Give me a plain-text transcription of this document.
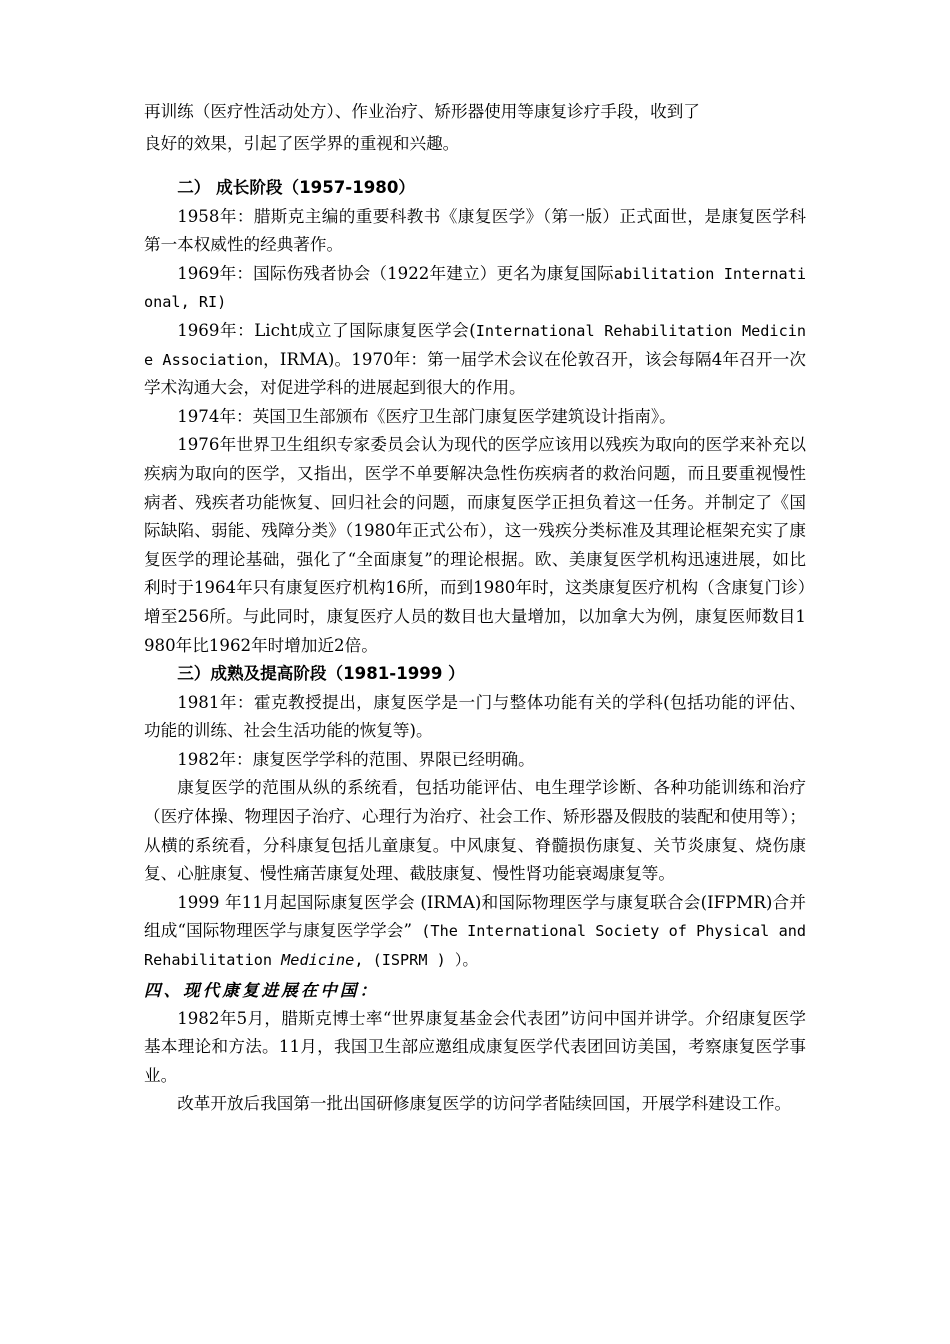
再训练（医疗性活动处方）、作业治疗、矫形器使用等康复诊疗手段，收到了
良好的效果，引起了医学界的重视和兴趣。

二） 成长阶段（1957-1980）

1958年：腊斯克主编的重要科教书《康复医学》（第一版）正式面世，是康复医学科第一本权威性的经典著作。

1969年：国际伤残者协会（1922年建立）更名为康复国际abilitation International, RI)

1969年：Licht成立了国际康复医学会(International Rehabilitation Medicine Association，IRMA)。1970年：第一届学术会议在伦敦召开，该会每隔4年召开一次学术沟通大会，对促进学科的进展起到很大的作用。

1974年：英国卫生部颁布《医疗卫生部门康复医学建筑设计指南》。

1976年世界卫生组织专家委员会认为现代的医学应该用以残疾为取向的医学来补充以疾病为取向的医学，又指出，医学不单要解决急性伤疾病者的救治问题，而且要重视慢性病者、残疾者功能恢复、回归社会的问题，而康复医学正担负着这一任务。并制定了《国际缺陷、弱能、残障分类》（1980年正式公布），这一残疾分类标准及其理论框架充实了康复医学的理论基础，强化了“全面康复”的理论根据。欧、美康复医学机构迅速进展，如比利时于1964年只有康复医疗机构16所，而到1980年时，这类康复医疗机构（含康复门诊）增至256所。与此同时，康复医疗人员的数目也大量增加，以加拿大为例，康复医师数目1980年比1962年时增加近2倍。

三）成熟及提高阶段（1981-1999 ）

1981年：霍克教授提出，康复医学是一门与整体功能有关的学科(包括功能的评估、功能的训练、社会生活功能的恢复等)。

1982年：康复医学学科的范围、界限已经明确。

康复医学的范围从纵的系统看，包括功能评估、电生理学诊断、各种功能训练和治疗（医疗体操、物理因子治疗、心理行为治疗、社会工作、矫形器及假肢的装配和使用等）；从横的系统看，分科康复包括儿童康复。中风康复、脊髓损伤康复、关节炎康复、烧伤康复、心脏康复、慢性痛苦康复处理、截肢康复、慢性肾功能衰竭康复等。

1999 年11月起国际康复医学会 (IRMA)和国际物理医学与康复联合会(IFPMR)合并组成“国际物理医学与康复医学学会” (The International Society of Physical and Rehabilitation Medicine, (ISPRM ) ）。

四、现代康复进展在中国：

1982年5月，腊斯克博士率“世界康复基金会代表团”访问中国并讲学。介绍康复医学基本理论和方法。11月，我国卫生部应邀组成康复医学代表团回访美国，考察康复医学事业。

改革开放后我国第一批出国研修康复医学的访问学者陆续回国，开展学科建设工作。
